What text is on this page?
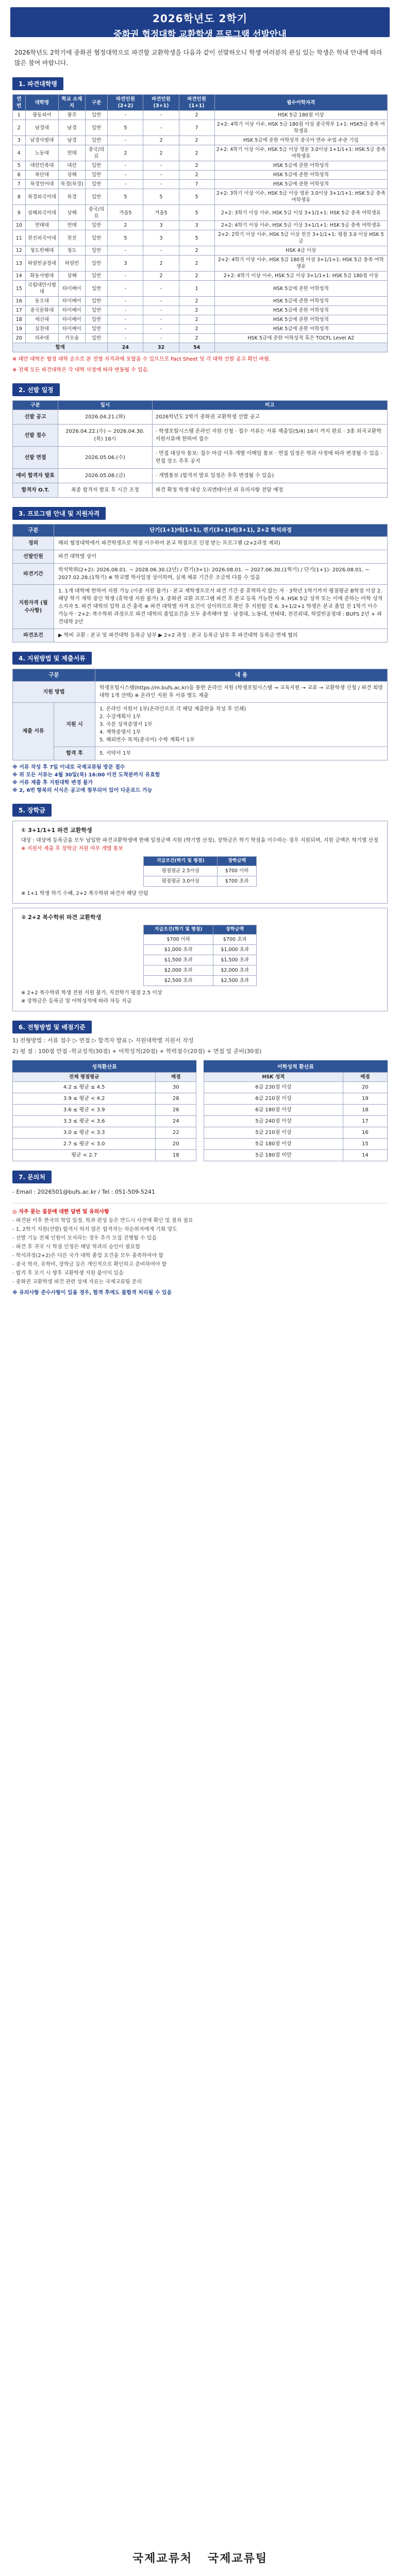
2026학년도 2학기
중화권 협정대학 교환학생 프로그램 선발안내

2026학년도 2학기에 중화권 협정대학으로 파견할 교환학생을 다음과 같이 선발하오니 학생 여러분의 관심 있는 학생은 학내 안내에 따라 많은 참여 바랍니다.

1. 파견대학명
연번	대학명	학교 소재지	구분	파견인원(2+2)	파견인원(3+1)	파견인원(1+1)	필수어학자격
1	광동외어	광주	일반	-	-	2	HSK 5급 180점 이상
2	남경대	남경	일반	5	-	7	2+2: 4학기 이상 이수, HSK 5급 180점 이상 중국학부 1+1: HSK5급 충족 여학생유
3	남경사범대	남경	일반	-	2	2	HSK 5급에 준한 어학성적 중국어 연수 수업 수준 기입
4	노동대	연태	중국/의료	2	2	2	2+2: 4학기 이상 이수, HSK 5급 이상 영문 3.0이상 1+1/1+1: HSK 5급 충족 여학생유
5	대련민족대	대련	일반	-	-	2	HSK 5급에 준한 어학성적
6	복단대	상해	일반	-	-	2	HSK 5급에 준한 어학성적
7	북경언어대	북경(북경)	일반	-	-	7	HSK 5급에 준한 어학성적
8	북경외국어대	북경	일반	5	5	5	2+2: 3학기 이상 이수, HSK 5급 이상 영문 3.0이상 3+1/1+1: HSK 5급 충족 여학생유
9	상해외국어대	상해	중국/의료	겨울5	겨울5	5	2+2: 3학기 이상 이수, HSK 5급 이상 3+1/1+1: HSK 5급 충족 여학생유
10	연태대	연태	일반	2	3	3	2+2: 4학기 이상 이수, HSK 5급 이상 3+1/1+1: HSK 5급 충족 여학생유
11	천진외국어대	천진	일반	5	3	5	2+2: 2학기 이상 이수, HSK 5급 이상 천진 3+1/1+1: 평점 3.0 이상 HSK 5급
12	청도빈해대	청도	일반	-	-	2	HSK 4급 이상
13	하얼빈공정대	하얼빈	일반	3	2	2	2+2: 4학기 이상 이수, HSK 5급 180점 이상 3+1/1+1: HSK 5급 충족 여학생유
14	화동사범대	상해	일반	-	2	2	2+2: 4학기 이상 이수, HSK 5급 이상 3+1/1+1: HSK 5급 180점 이상
15	국립대만사범대	타이베이	일반	-	-	1	HSK 5급에 준한 어학성적
16	동오대	타이베이	일반	-	-	2	HSK 5급에 준한 어학성적
17	중국문화대	타이베이	일반	-	-	2	HSK 5급에 준한 어학성적
18	세신대	타이베이	일반	-	-	2	HSK 5급에 준한 어학성적
19	실천대	타이베이	일반	-	-	2	HSK 5급에 준한 어학성적
20	의수대	가오슝	일반	-	-	2	HSK 5급에 준한 어학성적 혹은 TOCFL Level A2
합계				24	32	54	
※ 대만 대학은 협정 대학 순으로 본 전형 자격과에 포함을 수 있으므로 Fact Sheet 및 각 대학 선발 공고 확인 바람.
※ 전체 모든 파견대학은 각 대학 사정에 따라 변동될 수 있음.
2. 선발 일정
구분	일시	비고
선발 공고	2026.04.21.(화)	2026학년도 2학기 중화권 교환학생 선발 공고
선발 접수	2026.04.22.(수) ~ 2026.04.30.(목) 16시	· 학생포털시스템 온라인 지원 신청 · 접수 서류는 서류 제출일(5/4) 16시 까지 완료 · 3종 외국교환학 지원서류에 한하여 접수
선발 면접	2026.05.06.(수)	· 면접 대상자 통보: 접수 마감 이후 개별 이메일 통보 · 면접 일정은 학과 사정에 따라 변경될 수 있음 · 면접 장소 추후 공지
예비 합격자 발표	2026.05.08.(금)	· 개별통보 (합격자 발표 일정은 추후 변경될 수 있음)
합격자 O.T.	최종 합격자 발표 후 시간 조정	파견 확정 학생 대상 오리엔테이션 외 유의사항 전달 예정
3. 프로그램 안내 및 지원자격
구분	단기(1+1)에(1+1), 편기(3+1)에(3+1), 2+2 학석과정
정의	해외 협정대학에서 파견학생으로 학점 이수하여 본교 학점으로 인정 받는 프로그램 (2+2과정 제외)
선발인원	파견 대학별 상이
파견기간	학석학위(2+2): 2026.08.01. ~ 2028.06.30.(2년) / 편기(3+1): 2026.08.01. ~ 2027.06.30.(1학기) / 단기(1+1): 2026.08.01. ~ 2027.02.28.(1학기) ※ 학교별 학사일정 상이하며, 실제 체류 기간은 조금씩 다를 수 있음
지원자격 (필수사항)	1. 1개 대학에 한하여 지원 가능 (이중 지원 불가) · 본교 재학생으로서 파견 기간 중 휴학하지 않는 자 · 3학년 1학기까지 평점평균 B학점 이상 2. 해당 학기 재학 중인 학생 (휴학생 지원 불가) 3. 중화권 교환 프로그램 파견 후 본교 등록 가능한 자 4. HSK 5급 성적 또는 이에 준하는 어학 성적 소지자 5. 파견 대학의 입학 요건 충족 ※ 파견 대학별 자격 요건이 상이하므로 확인 후 지원할 것 6. 3+1/2+1 학생은 본교 졸업 전 1학기 이수 가능자 · 2+2: 복수학위 과정으로 파견 대학의 졸업요건을 모두 충족해야 함 · 남경대, 노동대, 연태대, 천진외대, 하얼빈공정대 : BUFS 2년 + 파견대학 2년
파견조건	▶ 학비 교환 : 본교 및 파견대학 등록금 납부 ▶ 2+2 과정 : 본교 등록금 납부 후 파견대학 등록금 면제 협의
4. 지원방법 및 제출서류
구분		내 용
지원 방법		학생포털시스템(https://m.bufs.ac.kr)을 통한 온라인 지원 (학생포털시스템 → 교육지원 → 교류 → 교환학생 신청 / 파견 희망 대학 1개 선택) ※ 온라인 지원 후 서류 별도 제출
제출 서류	지원 시	1. 온라인 지원서 1부(온라인으로 각 해당 제출란을 작성 후 인쇄)
2. 수강계획서 1부
3. 국문 성적증명서 1부
4. 재학증명서 1부
5. 해외연수 목적(중국어) 수학 계획서 1부

	합격 후	5. 서약서 1부
※ 서류 작성 후 7일 이내로 국제교류팀 방문 접수
※ 위 모든 서류는 4월 30일(목) 16:00 이전 도착분까지 유효함
※ 서류 제출 후 지원대학 변경 불가
※ 2, 6번 항목의 서식은 공고에 첨부되어 있어 다운로드 가능
5. 장학금
① 3+1/1+1 파견 교환학생
대상 : 대상에 등록금을 모두 납입한 파견교환학생에 한해 일정금액 지원 (학기별 산정), 장학금은 학기 학점을 이수하는 경우 지원되며, 지원 금액은 학기별 산정
※ 지원서 제출 후 장학금 지원 여부 개별 통보
지급조건(학기 및 평점)	장학금액
평점평균 2.5이상	$700 이하
평점평균 3.0이상	$700 초과
※ 1+1 학생 하기 수혜, 2+2 복수학위 파견자 해당 안됨
② 2+2 복수학위 파견 교환학생
지급조건(학기 및 평점)	장학금액
$700 이하	$700 초과
$1,000 초과	$1,000 초과
$1,500 초과	$1,500 초과
$2,000 초과	$2,000 초과
$2,500 초과	$2,500 초과
※ 2+2 복수학위 학생 전원 지원 불가, 직전학기 평점 2.5 이상
※ 장학금은 등록금 및 어학성적에 따라 차등 지급
6. 전형방법 및 배점기준
1) 전형방법 : 서류 접수 ▷ 면접 ▷ 합격자 발표 ▷ 지원대학별 지원서 작성
2) 평 점 : 100점 만점 -학교성적(30점) + 어학성적(20점) + 학력점수(20점) + 면접 및 준비(30점)
성적환산표
전체 평점평균	배점
4.2 ≤ 평균 ≤ 4.5	30
3.9 ≤ 평균 < 4.2	28
3.6 ≤ 평균 < 3.9	26
3.3 ≤ 평균 < 3.6	24
3.0 ≤ 평균 < 3.3	22
2.7 ≤ 평균 < 3.0	20
평균 < 2.7	18
어학성적 환산표
HSK 성적	배점
6급 230점 이상	20
6급 210점 이상	19
6급 180점 이상	18
5급 240점 이상	17
5급 210점 이상	16
5급 180점 이상	15
5급 180점 미만	14
7. 문의처
- Email : 2026501@bufs.ac.kr / Tel : 051-509-5241
◎ 자주 묻는 질문에 대한 답변 및 유의사항
- 파견된 이후 한국의 학업 일정, 학과 편성 등은 반드시 사전에 확인 및 절차 필요
- 1, 2학기 지원(선발) 합격시 하지 않은 합격자는 차순위자에게 기회 양도
- 선발 기능 전체 인원이 모자라는 경우 추가 모집 진행될 수 있음
- 파견 후 귀국 시 학점 인정은 해당 학과의 승인이 필요함
- 학석과정(2+2)은 다른 국가 대학 졸업 요건을 모두 충족하여야 함
- 중국 학자, 유학비, 장학금 등은 개인적으로 확인하고 준비하여야 함
- 합격 후 포기 시 향후 교환학생 지원 불이익 있음
- 중화권 교환학생 파견 관련 상세 자료는 국제교류팀 문의
※ 유의사항 준수사항이 있을 경우, 합격 후에도 불합격 처리될 수 있음
국제교류처 국제교류팀
